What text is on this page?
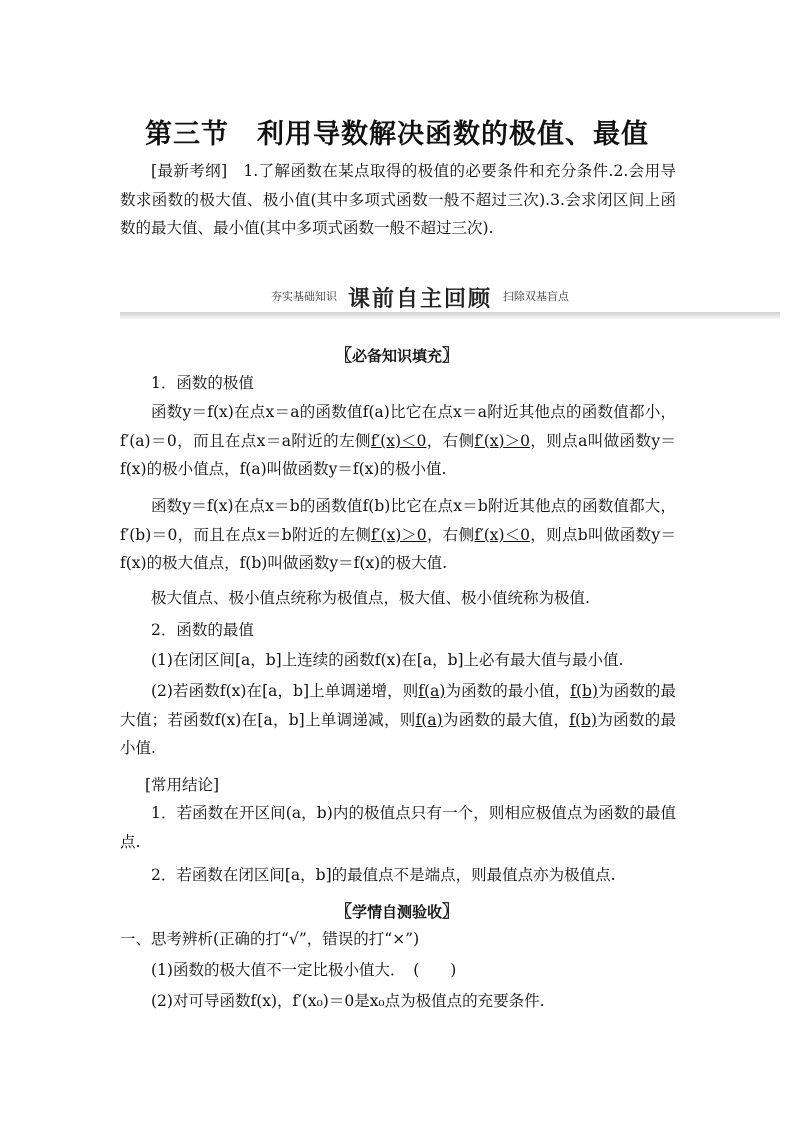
第三节　利用导数解决函数的极值、最值

[最新考纲]　1.了解函数在某点取得的极值的必要条件和充分条件.2.会用导数求函数的极大值、极小值(其中多项式函数一般不超过三次).3.会求闭区间上函数的最大值、最小值(其中多项式函数一般不超过三次).

$^{夯实基础知识}$ 课前自主回顾 $^{扫除双基盲点}$
〖必备知识填充〗

1．函数的极值

函数y＝f(x)在点x＝a的函数值f(a)比它在点x＝a附近其他点的函数值都小，f′(a)＝0，而且在点x＝a附近的左侧f′(x)＜0，右侧f′(x)＞0，则点a叫做函数y＝f(x)的极小值点，f(a)叫做函数y＝f(x)的极小值.

函数y＝f(x)在点x＝b的函数值f(b)比它在点x＝b附近其他点的函数值都大，f′(b)＝0，而且在点x＝b附近的左侧f′(x)＞0，右侧f′(x)＜0，则点b叫做函数y＝f(x)的极大值点，f(b)叫做函数y＝f(x)的极大值.

极大值点、极小值点统称为极值点，极大值、极小值统称为极值.

2．函数的最值

(1)在闭区间[a，b]上连续的函数f(x)在[a，b]上必有最大值与最小值.

(2)若函数f(x)在[a，b]上单调递增，则f(a)为函数的最小值，f(b)为函数的最大值；若函数f(x)在[a，b]上单调递减，则f(a)为函数的最大值，f(b)为函数的最小值.

[常用结论]

1．若函数在开区间(a，b)内的极值点只有一个，则相应极值点为函数的最值点.

2．若函数在闭区间[a，b]的最值点不是端点，则最值点亦为极值点.

〖学情自测验收〗

一、思考辨析(正确的打“√”，错误的打“×”)

(1)函数的极大值不一定比极小值大．　(　　)

(2)对可导函数f(x)，f′(x₀)＝0是x₀点为极值点的充要条件.
